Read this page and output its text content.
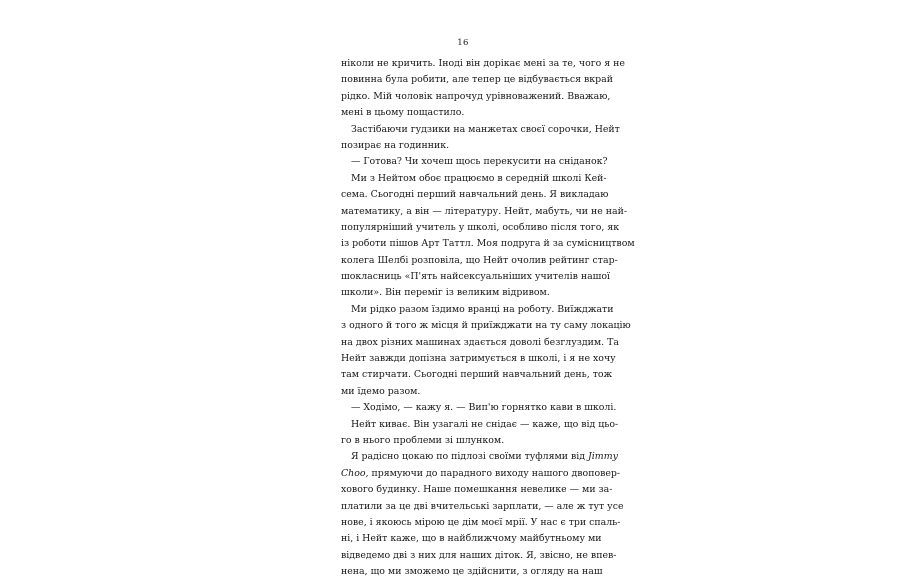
16
ніколи не кричить. Іноді він дорікає мені за те, чого я не
повинна була робити, але тепер це відбувається вкрай
рідко. Мій чоловік напрочуд урівноважений. Вважаю,
мені в цьому пощастило.
Застібаючи гудзики на манжетах своєї сорочки, Нейт
позирає на годинник.
— Готова? Чи хочеш щось перекусити на сніданок?
Ми з Нейтом обоє працюємо в середній школі Кей-
сема. Сьогодні перший навчальний день. Я викладаю
математику, а він — літературу. Нейт, мабуть, чи не най-
популярніший учитель у школі, особливо після того, як
із роботи пішов Арт Таттл. Моя подруга й за сумісництвом
колега Шелбі розповіла, що Нейт очолив рейтинг стар-
шокласниць «П'ять найсексуальніших учителів нашої
школи». Він переміг із великим відривом.
Ми рідко разом їздимо вранці на роботу. Виїжджати
з одного й того ж місця й приїжджати на ту саму локацію
на двох різних машинах здається доволі безглуздим. Та
Нейт завжди допізна затримується в школі, і я не хочу
там стирчати. Сьогодні перший навчальний день, тож
ми їдемо разом.
— Ходімо, — кажу я. — Вип'ю горнятко кави в школі.
Нейт киває. Він узагалі не снідає — каже, що від цьо-
го в нього проблеми зі шлунком.
Я радісно цокаю по підлозі своїми туфлями від Jimmy
Choo, прямуючи до парадного виходу нашого двоповер-
хового будинку. Наше помешкання невелике — ми за-
платили за це дві вчительські зарплати, — але ж тут усе
нове, і якоюсь мірою це дім моєї мрії. У нас є три спаль-
ні, і Нейт каже, що в найближчому майбутньому ми
відведемо дві з них для наших діток. Я, звісно, не впев-
нена, що ми зможемо це здійснити, з огляду на наш
